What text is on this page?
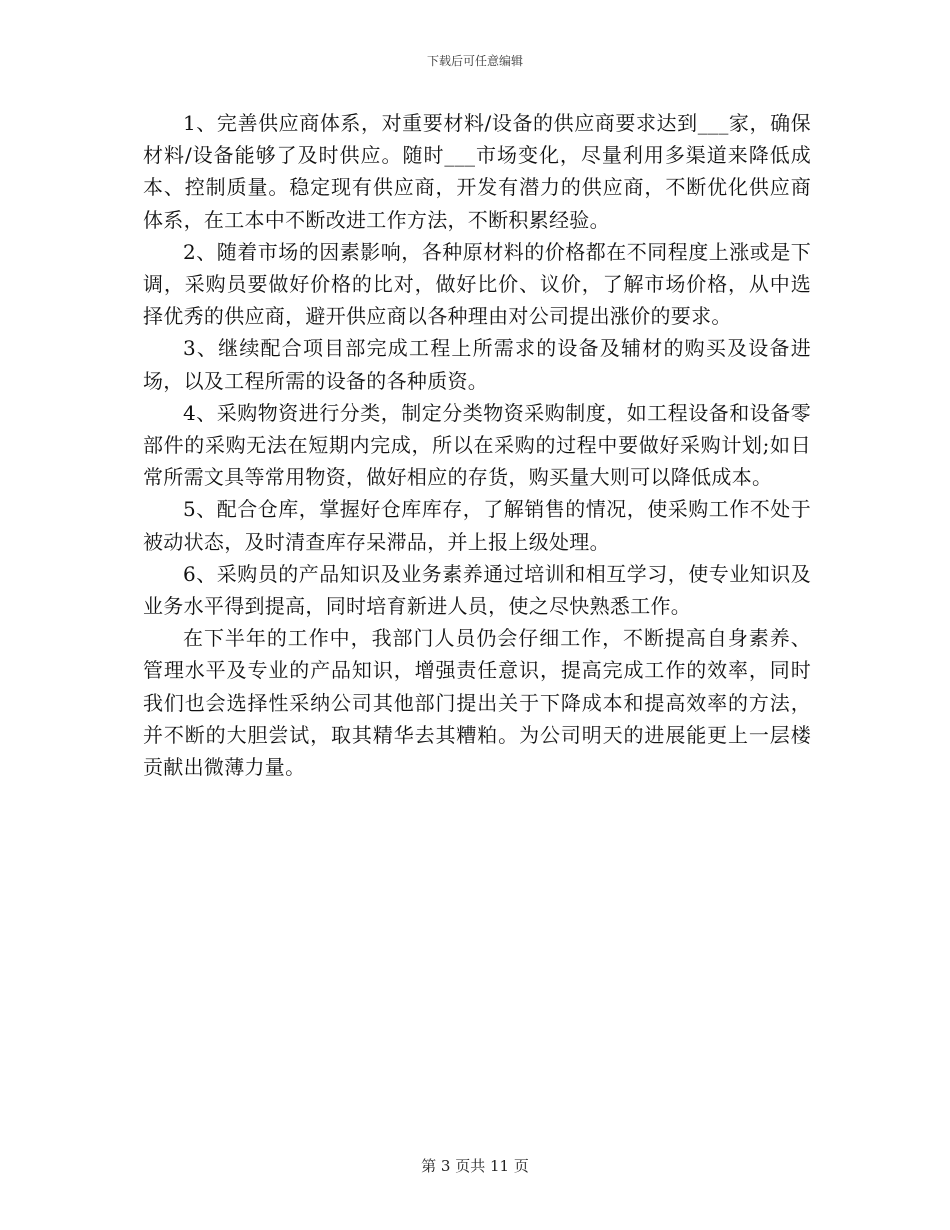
下载后可任意编辑

1、完善供应商体系，对重要材料/设备的供应商要求达到___家，确保材料/设备能够了及时供应。随时___市场变化，尽量利用多渠道来降低成本、控制质量。稳定现有供应商，开发有潜力的供应商，不断优化供应商体系，在工本中不断改进工作方法，不断积累经验。

2、随着市场的因素影响，各种原材料的价格都在不同程度上涨或是下调，采购员要做好价格的比对，做好比价、议价，了解市场价格，从中选择优秀的供应商，避开供应商以各种理由对公司提出涨价的要求。

3、继续配合项目部完成工程上所需求的设备及辅材的购买及设备进场，以及工程所需的设备的各种质资。

4、采购物资进行分类，制定分类物资采购制度，如工程设备和设备零部件的采购无法在短期内完成，所以在采购的过程中要做好采购计划;如日常所需文具等常用物资，做好相应的存货，购买量大则可以降低成本。

5、配合仓库，掌握好仓库库存，了解销售的情况，使采购工作不处于被动状态，及时清查库存呆滞品，并上报上级处理。

6、采购员的产品知识及业务素养通过培训和相互学习，使专业知识及业务水平得到提高，同时培育新进人员，使之尽快熟悉工作。

在下半年的工作中，我部门人员仍会仔细工作，不断提高自身素养、管理水平及专业的产品知识，增强责任意识，提高完成工作的效率，同时我们也会选择性采纳公司其他部门提出关于下降成本和提高效率的方法，并不断的大胆尝试，取其精华去其糟粕。为公司明天的进展能更上一层楼贡献出微薄力量。

第 3 页共 11 页
